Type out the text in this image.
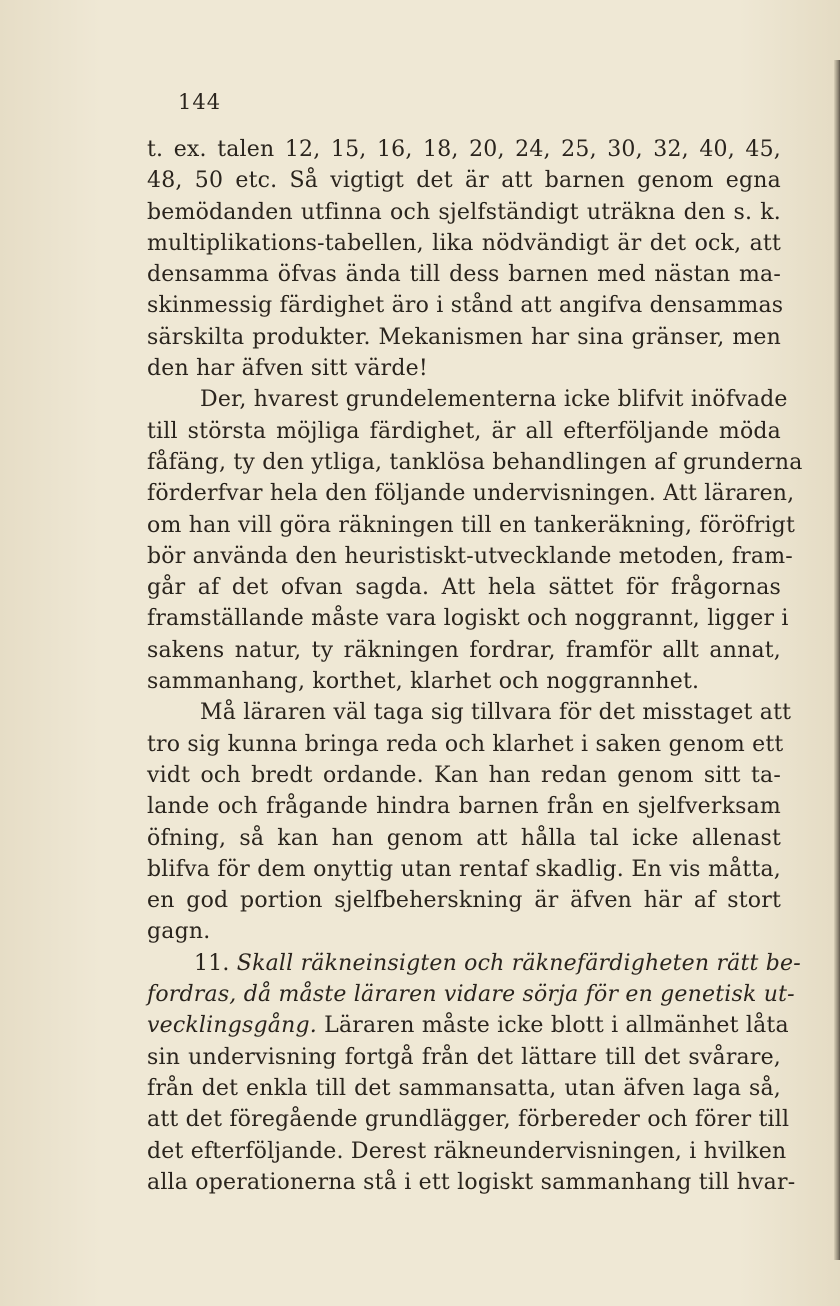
144
t. ex. talen 12, 15, 16, 18, 20, 24, 25, 30, 32, 40, 45,
48, 50 etc. Så vigtigt det är att barnen genom egna
bemödanden utfinna och sjelfständigt uträkna den s. k.
multiplikations-tabellen, lika nödvändigt är det ock, att
densamma öfvas ända till dess barnen med nästan ma-
skinmessig färdighet äro i stånd att angifva densammas
särskilta produkter. Mekanismen har sina gränser, men
den har äfven sitt värde!
Der, hvarest grundelementerna icke blifvit inöfvade
till största möjliga färdighet, är all efterföljande möda
fåfäng, ty den ytliga, tanklösa behandlingen af grunderna
förderfvar hela den följande undervisningen. Att läraren,
om han vill göra räkningen till en tankeräkning, föröfrigt
bör använda den heuristiskt-utvecklande metoden, fram-
går af det ofvan sagda. Att hela sättet för frågornas
framställande måste vara logiskt och noggrannt, ligger i
sakens natur, ty räkningen fordrar, framför allt annat,
sammanhang, korthet, klarhet och noggrannhet.
Må läraren väl taga sig tillvara för det misstaget att
tro sig kunna bringa reda och klarhet i saken genom ett
vidt och bredt ordande. Kan han redan genom sitt ta-
lande och frågande hindra barnen från en sjelfverksam
öfning, så kan han genom att hålla tal icke allenast
blifva för dem onyttig utan rentaf skadlig. En vis måtta,
en god portion sjelfbeherskning är äfven här af stort
gagn.
11. Skall räkneinsigten och räknefärdigheten rätt be-
fordras, då måste läraren vidare sörja för en genetisk ut-
vecklingsgång. Läraren måste icke blott i allmänhet låta
sin undervisning fortgå från det lättare till det svårare,
från det enkla till det sammansatta, utan äfven laga så,
att det föregående grundlägger, förbereder och förer till
det efterföljande. Derest räkneundervisningen, i hvilken
alla operationerna stå i ett logiskt sammanhang till hvar-
